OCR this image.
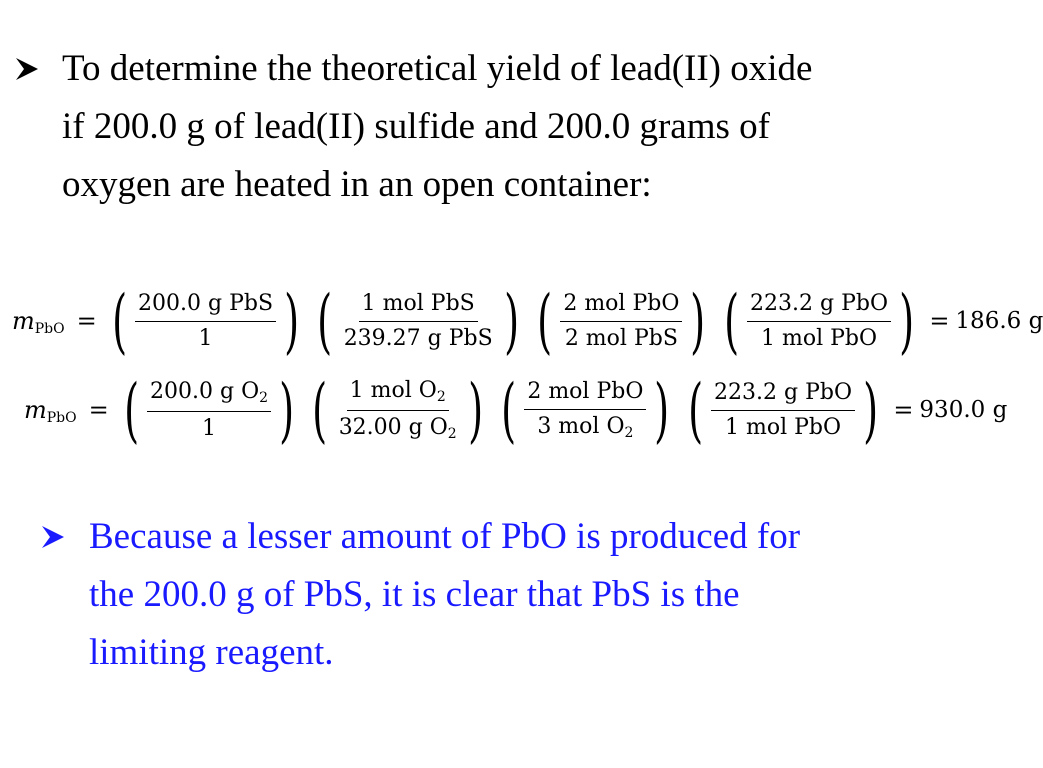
To determine the theoretical yield of lead(II) oxide
if 200.0 g of lead(II) sulfide and 200.0 grams of
oxygen are heated in an open container:
m PbO = ( $\frac{\text{200.0 g PbS}}{1}$ ) ( $\frac{\text{1 mol PbS}}{\text{239.27 g PbS}}$ ) ( $\frac{\text{2 mol PbO}}{\text{2 mol PbS}}$ ) ( $\frac{\text{223.2 g PbO}}{\text{1 mol PbO}}$ ) = 186.6 g
m PbO = ( $\frac{\text{200.0 g O2}}{1}$ ) ( $\frac{\text{1 mol O2}}{\text{32.00 g O2}}$ ) ( $\frac{\text{2 mol PbO}}{\text{3 mol O2}}$ ) ( $\frac{\text{223.2 g PbO}}{\text{1 mol PbO}}$ ) = 930.0 g
Because a lesser amount of PbO is produced for
the 200.0 g of PbS, it is clear that PbS is the
limiting reagent.
